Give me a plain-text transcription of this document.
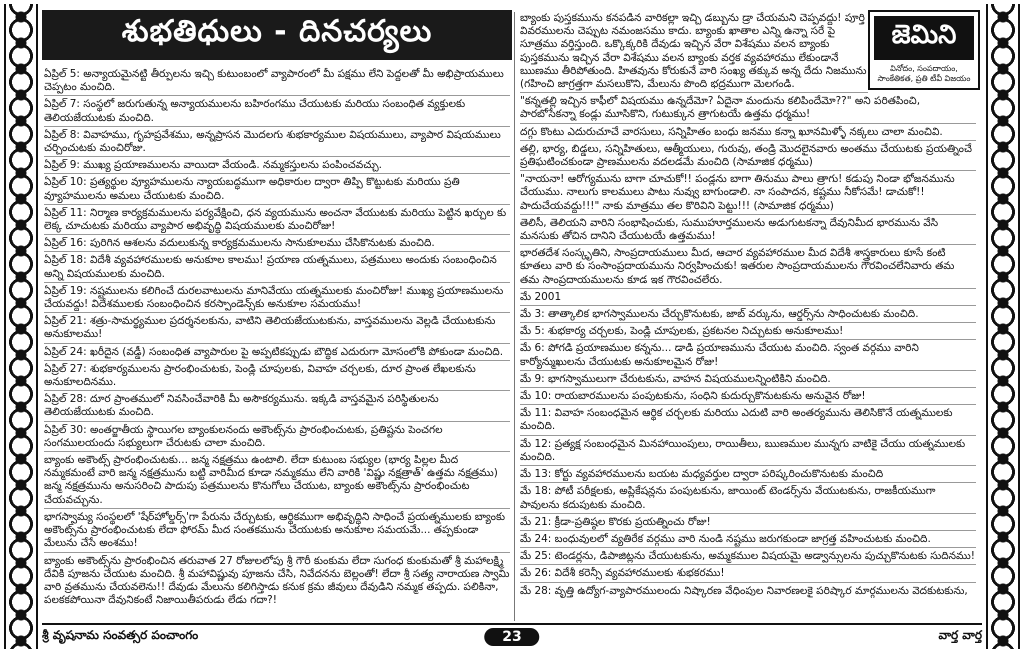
శుభతిధులు - దినచర్యలు	జెమిని
వినోదం, సంపదాయం, సాంకేతికత, ప్రతి టీవీ విజయం

ఏప్రిల్ 5: అన్యాయమైనట్టి తీర్పులను ఇచ్చి కుటుంబంలో వ్యాపారంలో మీ పక్షము లేని పెద్దలతో మీ అభిప్రాయములు చెప్పటం మంచిది.

ఏప్రిల్ 7: సంస్థలో జరుగుతున్న అన్యాయములను బహిరంగము చేయుటకు మరియు సంబంధిత వ్యక్తులకు తెలియజేయుటకు మంచిది.

ఏప్రిల్ 8: వివాహము, గృహప్రవేశము, అన్నప్రాసన మొదలగు శుభకార్యముల విషయములు, వ్యాపార విషయములు చర్చించుటకు మంచిరోజు.

ఏప్రిల్ 9: ముఖ్య ప్రయాణములను వాయిదా వేయండి. నమ్మకస్తులను పంపించవచ్చు.

ఏప్రిల్ 10: ప్రత్యర్థుల వ్యూహములను న్యాయబద్ధముగా అధికారుల ద్వారా తిప్పి కొట్టుటకు మరియు ప్రతి వ్యూహములను అమలు చేయుటకు మంచిది.

ఏప్రిల్ 11: నిర్మాణ కార్యక్రమములను పర్యవేక్షించి, ధన వ్యయమును అంచనా వేయుటకు మరియు పెట్టిన ఖర్చుల కు లెక్క చూచుటకు మరియు వ్యాపార అభివృద్ధి విషయములకు మంచిరోజు!

ఏప్రిల్ 16: పురిగిన ఆశలను వదులుకున్న కార్యక్రమములను సానుకూలము చేసికొనుటకు మంచిది.

ఏప్రిల్ 18: విదేశీ వ్యవహారములకు అనుకూల కాలము! ప్రయాణ యత్నములు, పత్రములు అందుకు సంబంధించిన అన్ని విషయములకు మంచిది.

ఏప్రిల్ 19: నష్టములను కలిగించే దురలవాటులను మానివేయు యత్నములకు మంచిరోజు! ముఖ్య ప్రయాణములను చేయవద్దు! విదేశములకు సంబంధించిన కరస్పాండెన్స్‌కు అనుకూల సమయము!

ఏప్రిల్ 21: శత్రు-సామర్థ్యముల ప్రదర్శనలకును, వాటిని తెలియజేయుటకును, వాస్తవములను వెల్లడి చేయుటకును అనుకూలము!

ఏప్రిల్ 24: ఖరీదైన (వడ్డీ) సంబంధిత వ్యాపారుల పై అప్పటికప్పుడు బౌద్ధిక ఎదురుగా మోసంలోకి పోకుండా మంచిది.

ఏప్రిల్ 27: శుభకార్యములను ప్రారంభించుటకు, పెండ్లి చూపులకు, వివాహ చర్చలకు, దూర ప్రాంత లేఖలకును అనుకూలదినము.

ఏప్రిల్ 28: దూర ప్రాంతములో నివసించేవారికి మీ అసౌకర్యమును. ఇక్కడి వాస్తవమైన పరిస్థితులను తెలియజేయుటకు మంచిది.

ఏప్రిల్ 30: అంతర్జాతీయ స్థాయిగల బ్యాంకులనందు అకౌంట్స్‌ను ప్రారంభించుటకు, ప్రతిష్టను పెంచగల సంగములయందు సభ్యులుగా చేరుటకు చాలా మంచిది.

బ్యాంకు అకౌంట్స్ ప్రారంభించుటకు... జన్మ నక్షత్రము ఉంటాలి. లేదా కుటుంబ సభ్యుల (భార్య పిల్లల మీద నమ్మకమంటే వారి జన్మ నక్షత్రమును బట్టి వారిమీద కూడా నమ్మకము లేని వారికి 'విష్ణు నక్షత్రాత్' ఉత్తమ నక్షత్రము) జన్మ నక్షత్రమును అనుసరించి పాదుపు పత్రములను కొనుగోలు చేయుట, బ్యాంకు అకౌంట్స్‌ను ప్రారంభించుట చేయవచ్చును.

భాగస్వామ్య సంస్థలలో 'షేర్‌హోల్డర్స్‌'గా పేరును చేర్చుటకు, ఆర్థికముగా అభివృద్ధిని సాధించే ప్రయత్నములకు బ్యాంకు అకౌంట్స్‌ను ప్రారంభించుటకు లేదా ఫోరమ్ మీద సంతకమును చేయుటకు అనుకూల సమయమే... తప్పకుండా మేలును చేసే అంశము!

బ్యాంకు అకౌంట్స్‌ను ప్రారంభించిన తరువాత 27 రోజులలోపు శ్రీ గౌరీ కుంకుమ లేదా సుగంధ కుంకుమతో శ్రీ మహాలక్ష్మి దేవికి పూజను చేయుట మంచిది. శ్రీ మహావిష్ణువు పూజను చేసి, నివేదనను బెల్లంతో! లేదా శ్రీ సత్య నారాయణ స్వామి వారి వ్రతమును చేయవలెను!! దేవుడు మేలును కలిగిస్తాడు కనుక క్రమ జీవులు దేవుడిని నమ్మక తప్పదు. పలికినా, పలకకపోయినా దేవునికంటే నిజాయితీపరుడు లేడు గదా?!

బ్యాంకు పుస్తకమును కనపడిన వారికల్లా ఇచ్చి డబ్బును డ్రా చేయమని చెప్పవద్దు! పూర్తి వివరములను చెప్పుట నమంజసము కాదు. బ్యాంకు ఖాతాల ఎన్ని ఉన్నా సరే పై సూత్రము వర్తిస్తుంది. ఒక్కొక్కరికి దేవుడు ఇచ్చిన వేరా విశేషము వలన బ్యాంకు పుస్తకమును ఇచ్చిన వేరా విశేషము వలన బ్యాంకు వర్తక వ్యవహారము లేకుండానే ఋణము తీరిపోతుంది. హితవును కోరుకునే వారి సంఖ్య తక్కువ అన్న దేదు నిజమును (గహించి జాగ్రత్తగా మసలుకొని, మేలును పొంది భద్రముగా మెలగండి.

"కన్నతల్లి ఇచ్చిన కాఫీలో విషయము ఉన్నదేమో? ఏదైనా మందును కలిపిందేమో??" అని పరితపించి, పారబోసేకన్నా కండ్లు మూసికొని, గుటుక్కున త్రాగుటయే ఉత్తమ ధర్మము!

దగ్గు కొంటు ఎదురుచూచే వారసులు, సన్నిహితం బంధు జనము కన్నా ఖూనమిళ్ళో నక్కలు చాలా మంచివి.

తల్లి, భార్య, బిడ్డలు, సన్నిహితులు, ఆత్మీయులు, గురువు, తండ్రి మొదలైనవారు అంతము చేయుటకు ప్రయత్నించే ప్రతిఘటించకుండా ప్రాణములను వదలడమే మంచిది (సామాజిక ధర్మము)

"నాయనా! ఆరోగ్యమును బాగా చూచుకో!! పండ్లను బాగా తినుము పాలు త్రాగు! కడుపు నిండా భోజనమును చేయుము. నాలుగు కాలములు పాటు నువ్వు బాగుండాలి. నా సంపాదన, కష్టము నీకోసమే! డాచుకో!! పాదుచేయవద్దు!!!" నాకు మాత్రము తల కొరివిని పెట్టు!!! (సామాజిక ధర్మము)

తెలిసీ, తెలియని వారిని సంభాషించుకు, సుముహూర్తములను అడుగుటకన్నా దేవునిమీద భారమును వేసి మనసుకు తోచిన దానిని చేయుటయే ఉత్తమము!

భారతదేశ సంస్కృతిని, సాంప్రదాయములు మీద, ఆచార వ్యవహారముల మీద విదేశీ శాస్త్రకారులు కూసే కంటి కూతలు వారి కు సంసాంప్రదాయమును నిర్వహించుకు! ఇతరుల సాంప్రదాయములను గౌరవించలేనివారు తమ తమ సాంప్రదాయములను కూడ ఇక గౌరవించలేరు.

మే 2001

మే 3: తాత్కాలిక భాగస్వాములను చేర్చుకొనుటకు, జాబ్ వర్కును, ఆర్డర్స్‌ను సాధించుటకు మంచిది.

మే 5: శుభకార్య చర్చలకు, పెండ్లి చూపులకు, ప్రకటనల నిచ్చుటకు అనుకూలము!

మే 6: పోగడి ప్రయాణముల కన్నను... డాడి ప్రయాణమును చేయుట మంచిది. స్వంత వర్గము వారిని కార్యోన్ముఖులను చేయుటకు అనుకూలమైన రోజు!

మే 9: భాగస్వాములుగా చేరుటకును, వాహన విషయములన్నింటికిని మంచిది.

మే 10: రాయబారములను పంపుటకును, సంధిని కుదుర్చుకొనుటకును అనువైన రోజు!

మే 11: వివాహ సంబంధమైన ఆర్థిక చర్చలకు మరియు ఎదుటి వారి అంతర్యమును తెలిసికొనే యత్నములకు మంచిది.

మే 12: ప్రత్యక్ష సంబంధమైన మినహాయింపులు, రాయితీలు, ఋణముల మున్నగు వాటికై చేయు యత్నములకు మంచిది.

మే 13: కోర్టు వ్యవహారములను బయట మధ్యవర్తుల ద్వారా పరిష్కరించుకొనుటకు మంచిది

మే 18: పోటీ పరీక్షలకు, అప్లికేషన్లను పంపుటకును, జాయింట్ టెండర్స్‌ను వేయుటకును, రాజకీయముగా పావులను కదుపుటకు మంచిది.

మే 21: క్రీడా-ప్రతిష్ఠల కొరకు ప్రయత్నించు రోజు!

మే 24: బంధువులలో వ్యతిరేక వర్గము వారి నుండి నష్టము జరుగకుండా జాగ్రత్త వహించుటకు మంచిది.

మే 25: టెండర్లను, డిపాజిట్లను చేయుటకును, అమ్మకముల విషయమై అడ్వాన్సులను పుచ్చుకొనుటకు సుదినము!

మే 26: విదేశీ కరెన్సీ వ్యవహారములకు శుభకరము!

మే 28: వృత్తి ఉద్యోగ-వ్యాపారములందు నిష్కారణ వేధింపుల నివారణలకై పరిష్కార మార్గములను వెదకుటకును,

శ్రీ వృషనామ సంవత్సర పంచాంగం	23	వార్త వార్త
